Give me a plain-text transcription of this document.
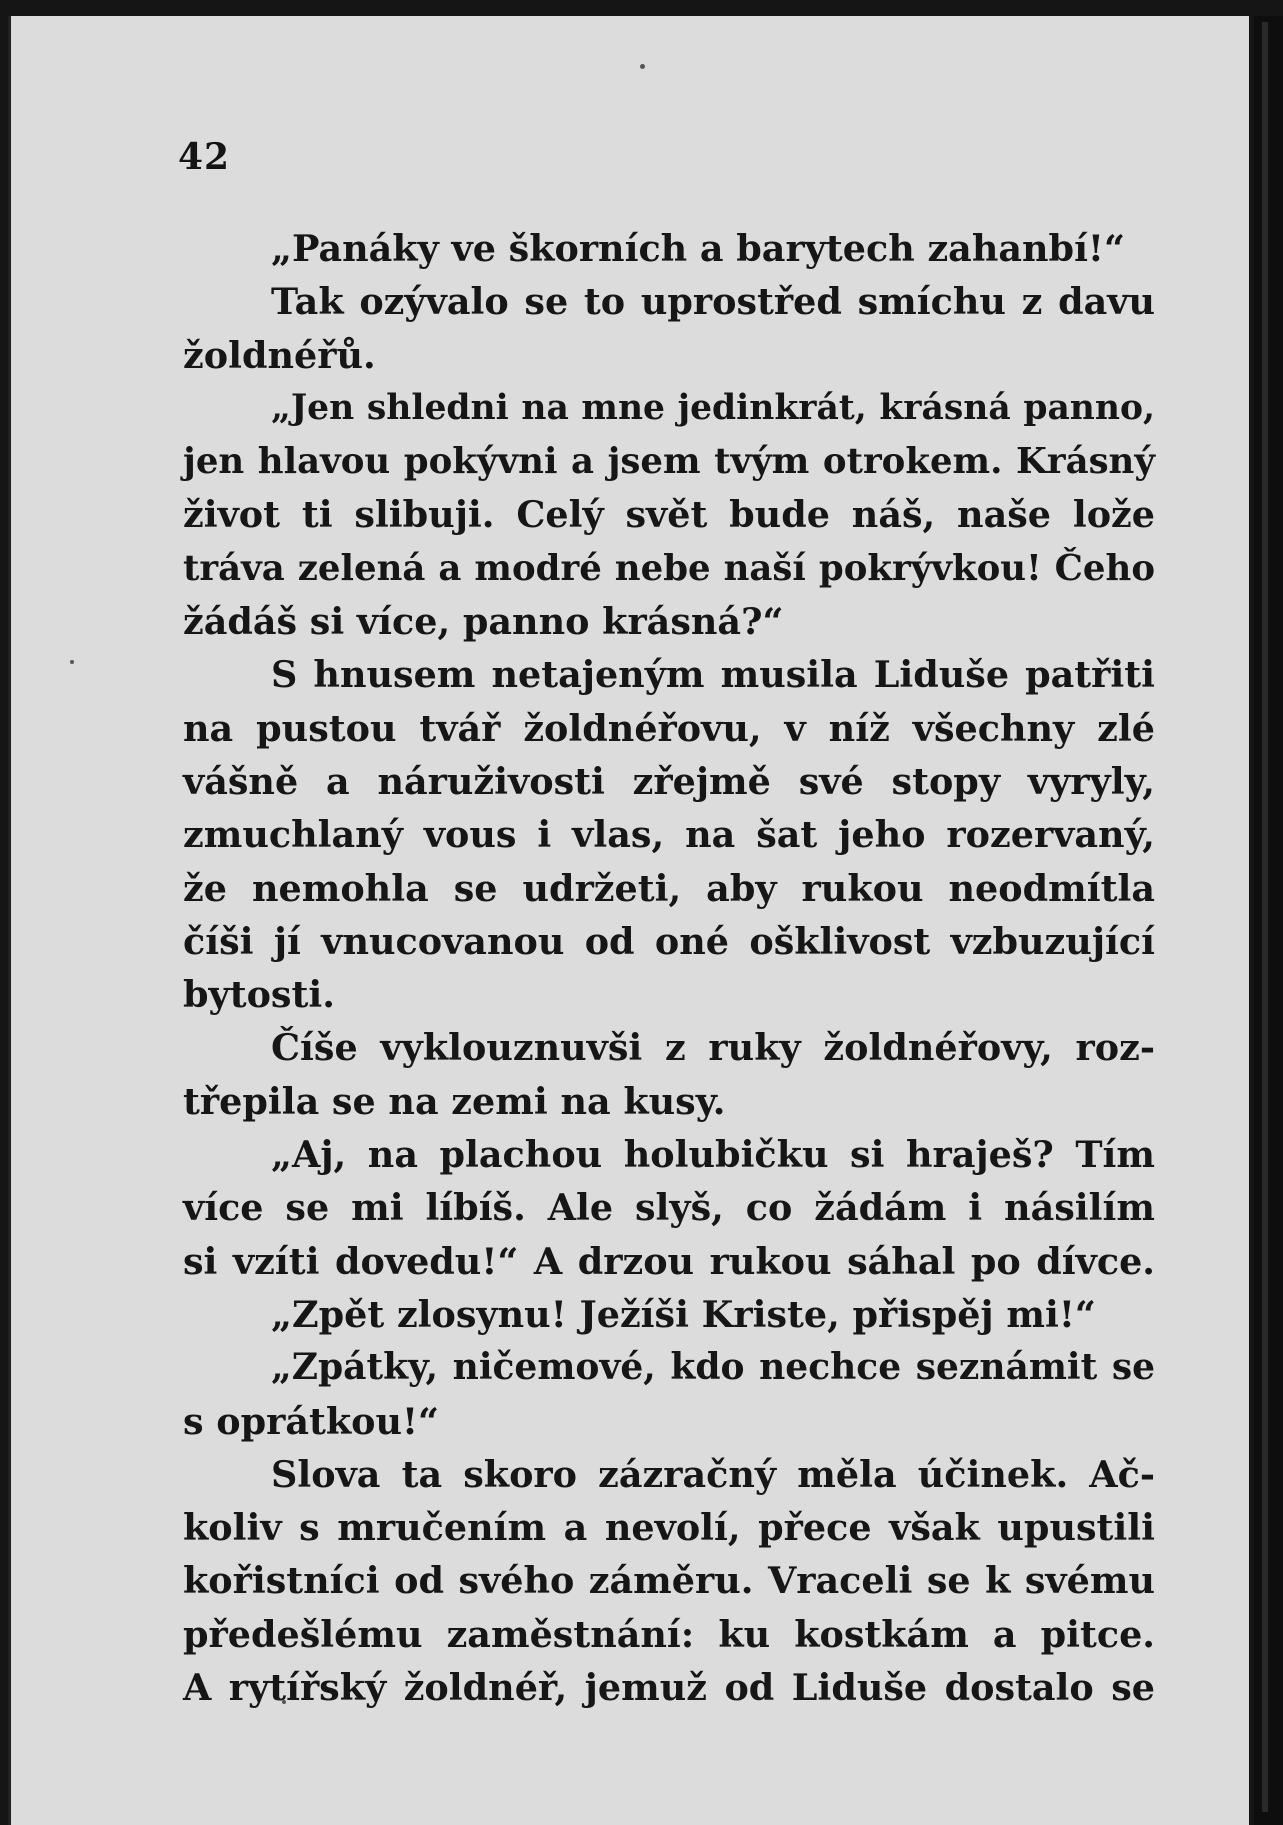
42
„Panáky ve škorních a barytech zahanbí!“
Tak ozývalo se to uprostřed smíchu z davu
žoldnéřů.
„Jen shledni na mne jedinkrát, krásná panno,
jen hlavou pokývni a jsem tvým otrokem. Krásný
život ti slibuji. Celý svět bude náš, naše lože
tráva zelená a modré nebe naší pokrývkou! Čeho
žádáš si více, panno krásná?“
S hnusem netajeným musila Liduše patřiti
na pustou tvář žoldnéřovu, v níž všechny zlé
vášně a náruživosti zřejmě své stopy vyryly,
zmuchlaný vous i vlas, na šat jeho rozervaný,
že nemohla se udržeti, aby rukou neodmítla
číši jí vnucovanou od oné ošklivost vzbuzující
bytosti.
Číše vyklouznuvši z ruky žoldnéřovy, roz-
třepila se na zemi na kusy.
„Aj, na plachou holubičku si hraješ? Tím
více se mi líbíš. Ale slyš, co žádám i násilím
si vzíti dovedu!“ A drzou rukou sáhal po dívce.
„Zpět zlosynu! Ježíši Kriste, přispěj mi!“
„Zpátky, ničemové, kdo nechce seznámit se
s oprátkou!“
Slova ta skoro zázračný měla účinek. Ač-
koliv s mručením a nevolí, přece však upustili
kořistníci od svého záměru. Vraceli se k svému
předešlému zaměstnání: ku kostkám a pitce.
A rytířský žoldnéř, jemuž od Liduše dostalo se
